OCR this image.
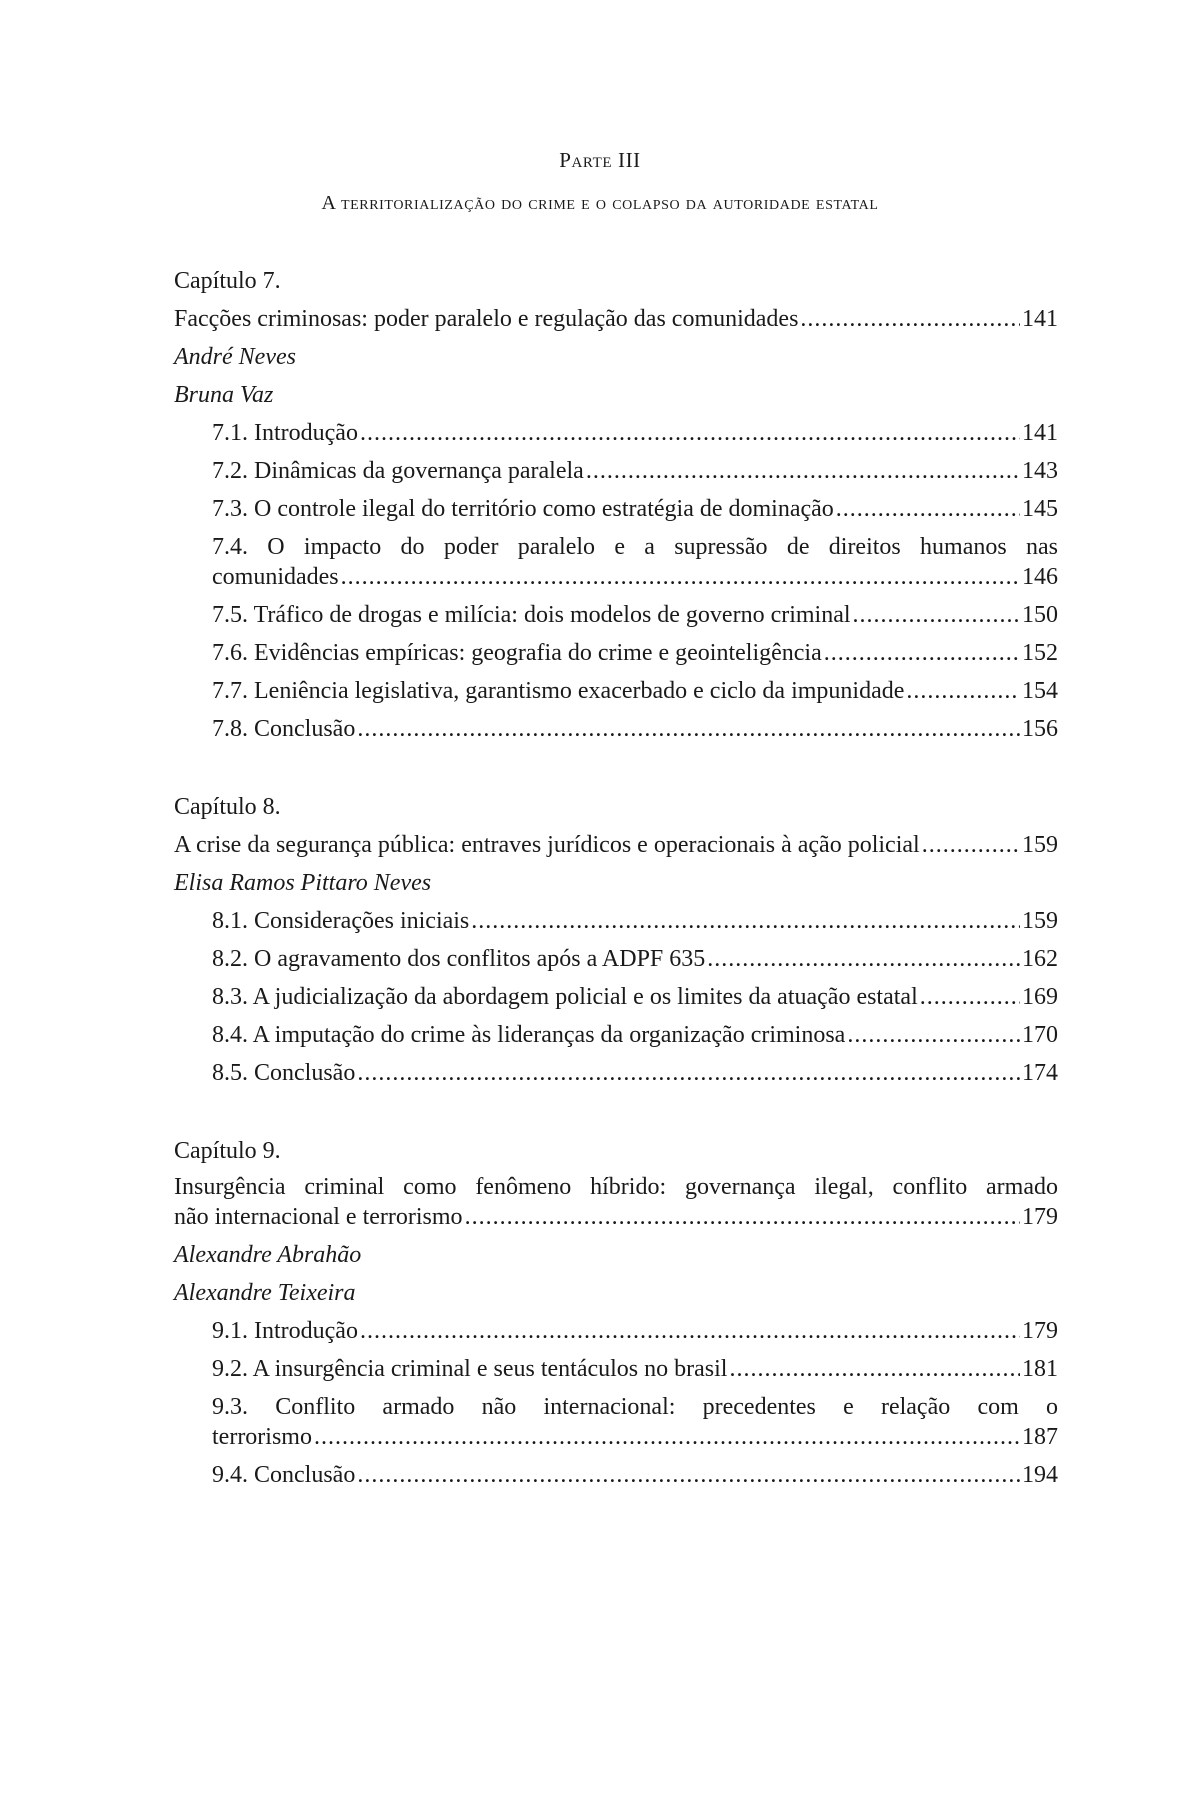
Parte III
A territorialização do crime e o colapso da autoridade estatal
Capítulo 7.
Facções criminosas: poder paralelo e regulação das comunidades .....	141
André Neves
Bruna Vaz
7.1. Introdução .....	141
7.2. Dinâmicas da governança paralela .....	143
7.3. O controle ilegal do território como estratégia de dominação .....	145
7.4. O impacto do poder paralelo e a supressão de direitos humanos nas
comunidades .....	146
7.5. Tráfico de drogas e milícia: dois modelos de governo criminal .....	150
7.6. Evidências empíricas: geografia do crime e geointeligência .....	152
7.7. Leniência legislativa, garantismo exacerbado e ciclo da impunidade .....	154
7.8. Conclusão .....	156
Capítulo 8.
A crise da segurança pública: entraves jurídicos e operacionais à ação policial .....	159
Elisa Ramos Pittaro Neves
8.1. Considerações iniciais .....	159
8.2. O agravamento dos conflitos após a ADPF 635 .....	162
8.3. A judicialização da abordagem policial e os limites da atuação estatal .....	169
8.4. A imputação do crime às lideranças da organização criminosa .....	170
8.5. Conclusão .....	174
Capítulo 9.
Insurgência criminal como fenômeno híbrido: governança ilegal, conflito armado
não internacional e terrorismo .....	179
Alexandre Abrahão
Alexandre Teixeira
9.1. Introdução .....	179
9.2. A insurgência criminal e seus tentáculos no brasil .....	181
9.3. Conflito armado não internacional: precedentes e relação com o
terrorismo .....	187
9.4. Conclusão .....	194
